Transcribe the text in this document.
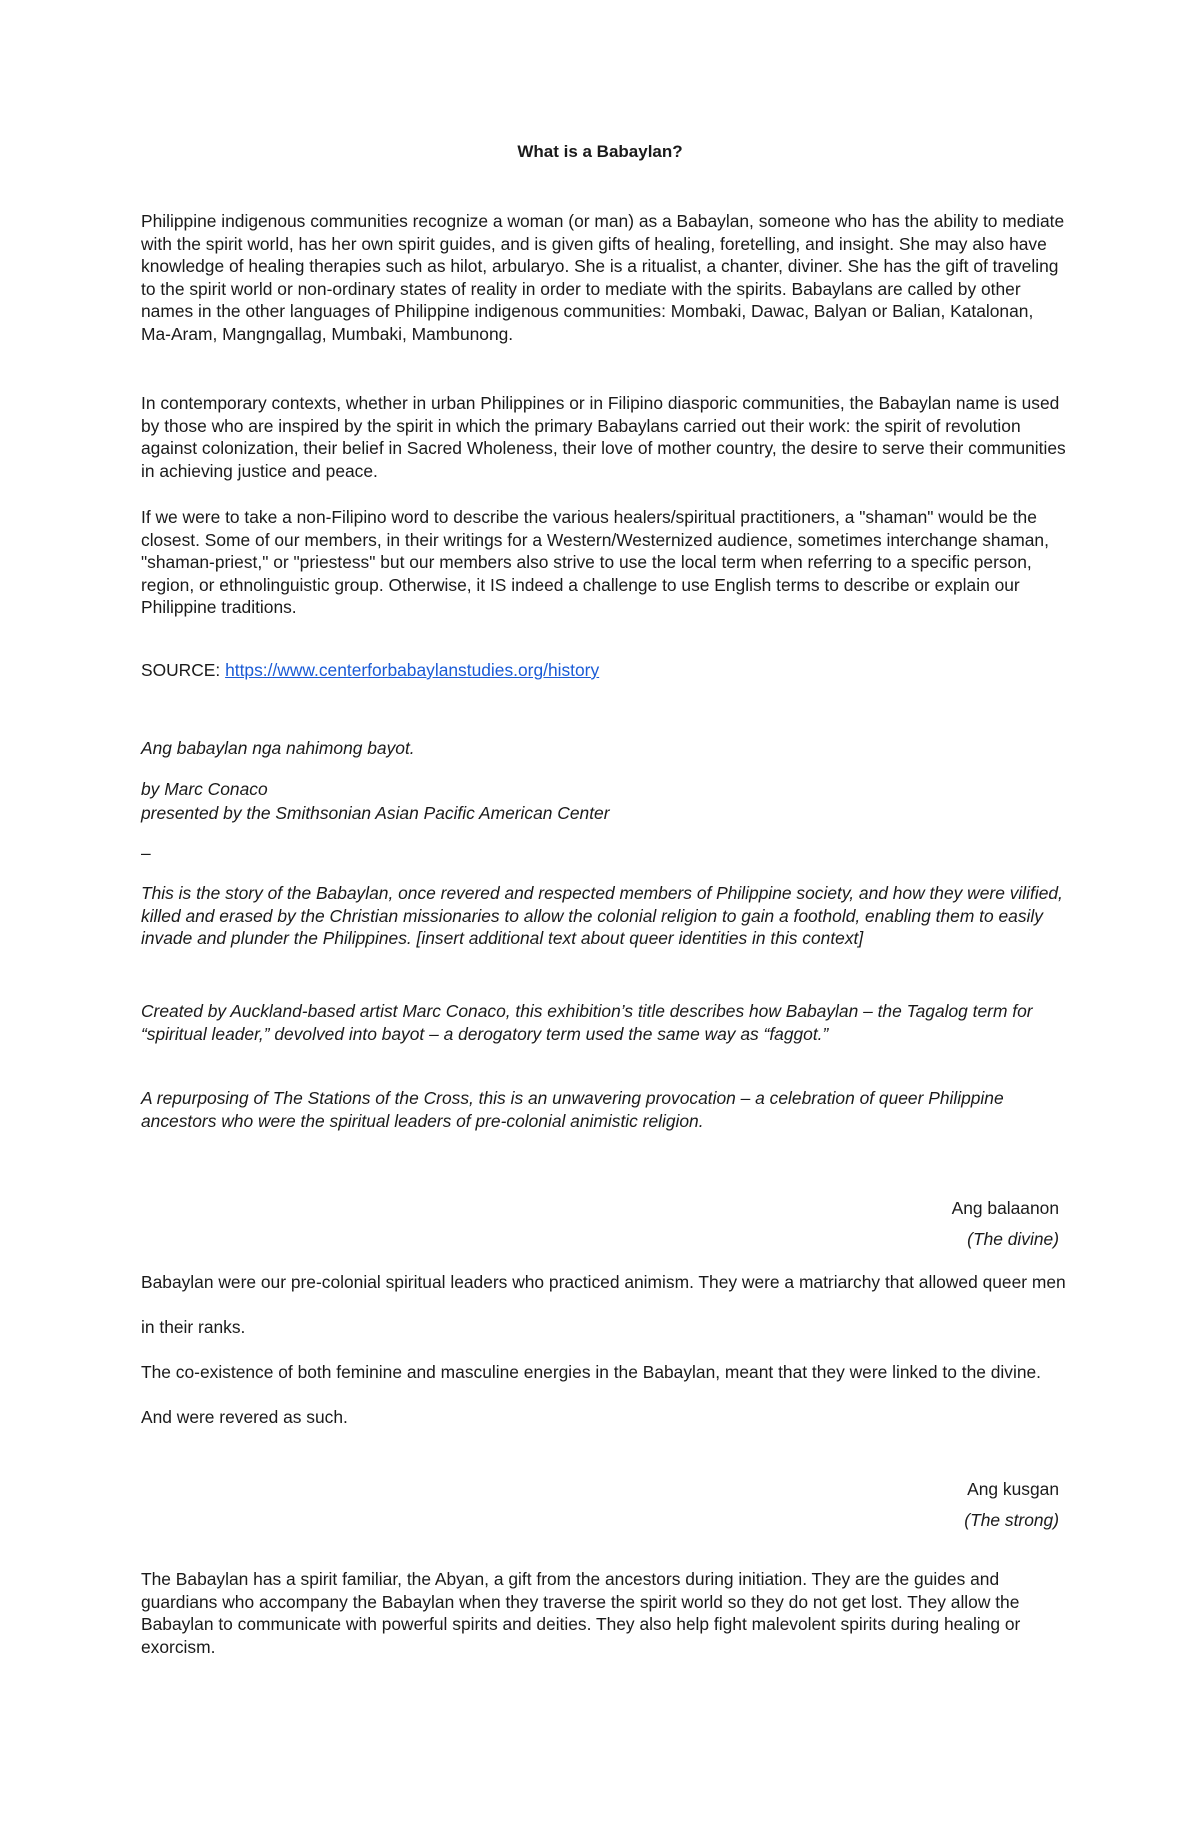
What is a Babaylan?

Philippine indigenous communities recognize a woman (or man) as a Babaylan, someone who has the ability to mediate with the spirit world, has her own spirit guides, and is given gifts of healing, foretelling, and insight. She may also have knowledge of healing therapies such as hilot, arbularyo. She is a ritualist, a chanter, diviner. She has the gift of traveling to the spirit world or non-ordinary states of reality in order to mediate with the spirits. Babaylans are called by other names in the other languages of Philippine indigenous communities: Mombaki, Dawac, Balyan or Balian, Katalonan, Ma-Aram, Mangngallag, Mumbaki, Mambunong.

In contemporary contexts, whether in urban Philippines or in Filipino diasporic communities, the Babaylan name is used by those who are inspired by the spirit in which the primary Babaylans carried out their work: the spirit of revolution against colonization, their belief in Sacred Wholeness, their love of mother country, the desire to serve their communities in achieving justice and peace.

If we were to take a non-Filipino word to describe the various healers/spiritual practitioners, a "shaman" would be the closest. Some of our members, in their writings for a Western/Westernized audience, sometimes interchange shaman, "shaman-priest," or "priestess" but our members also strive to use the local term when referring to a specific person, region, or ethnolinguistic group. Otherwise, it IS indeed a challenge to use English terms to describe or explain our Philippine traditions.

SOURCE: https://www.centerforbabaylanstudies.org/history

Ang babaylan nga nahimong bayot.

by Marc Conaco

presented by the Smithsonian Asian Pacific American Center

–

This is the story of the Babaylan, once revered and respected members of Philippine society, and how they were vilified, killed and erased by the Christian missionaries to allow the colonial religion to gain a foothold, enabling them to easily invade and plunder the Philippines. [insert additional text about queer identities in this context]

Created by Auckland-based artist Marc Conaco, this exhibition’s title describes how Babaylan – the Tagalog term for “spiritual leader,” devolved into bayot – a derogatory term used the same way as “faggot.”

A repurposing of The Stations of the Cross, this is an unwavering provocation – a celebration of queer Philippine ancestors who were the spiritual leaders of pre-colonial animistic religion.

Ang balaanon
(The divine)

Babaylan were our pre-colonial spiritual leaders who practiced animism. They were a matriarchy that allowed queer men in their ranks.

The co-existence of both feminine and masculine energies in the Babaylan, meant that they were linked to the divine. And were revered as such.

Ang kusgan
(The strong)

The Babaylan has a spirit familiar, the Abyan, a gift from the ancestors during initiation. They are the guides and guardians who accompany the Babaylan when they traverse the spirit world so they do not get lost. They allow the Babaylan to communicate with powerful spirits and deities. They also help fight malevolent spirits during healing or exorcism.
